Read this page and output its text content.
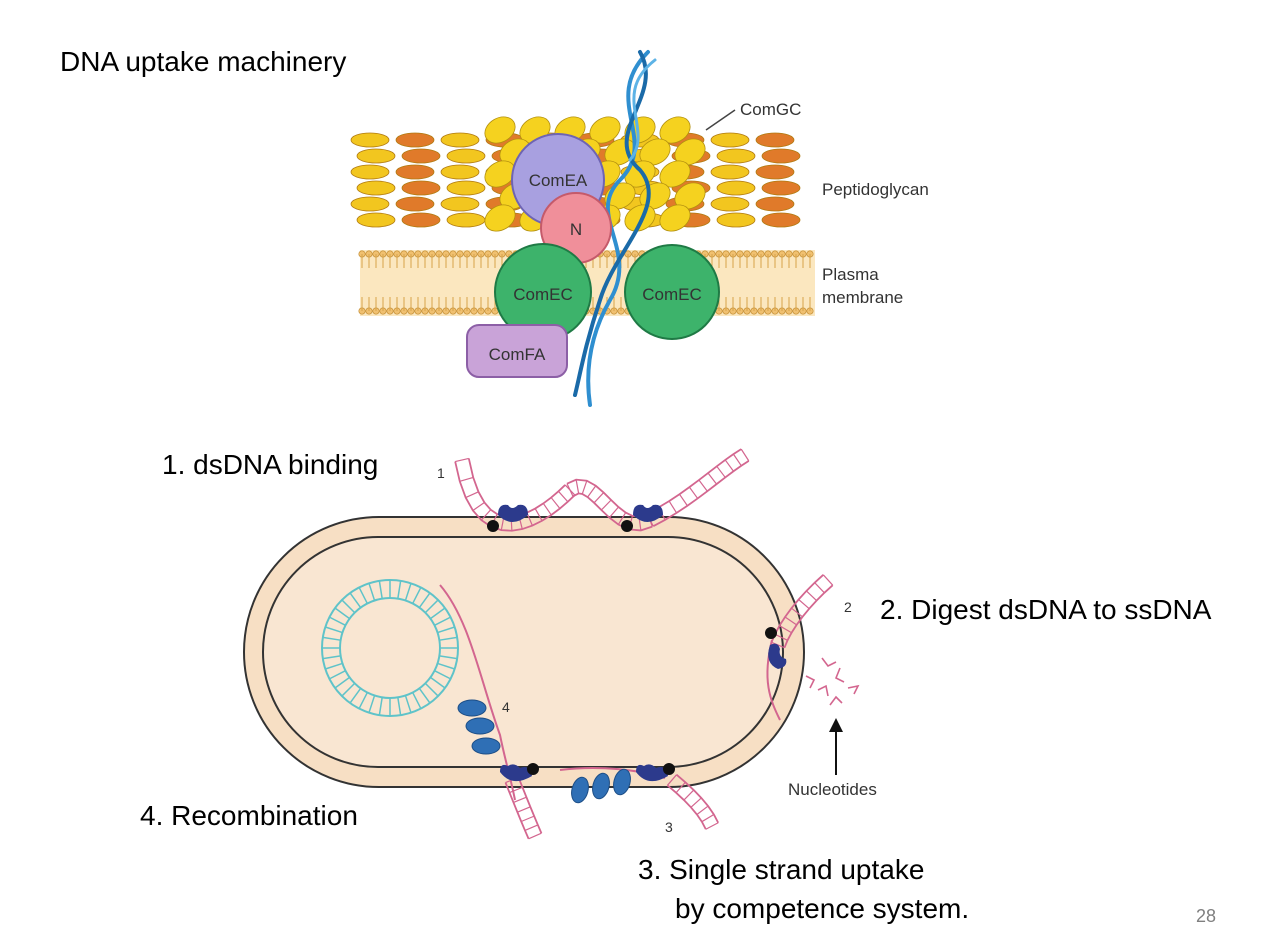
ComEA
N
ComEC	ComEC
ComFA
ComGC
Peptidoglycan
Plasma
membrane
Nucleotides
1
2
3
4
DNA uptake machinery
1. dsDNA binding
2. Digest dsDNA to ssDNA
3. Single strand uptake
by competence system.
4. Recombination
28
